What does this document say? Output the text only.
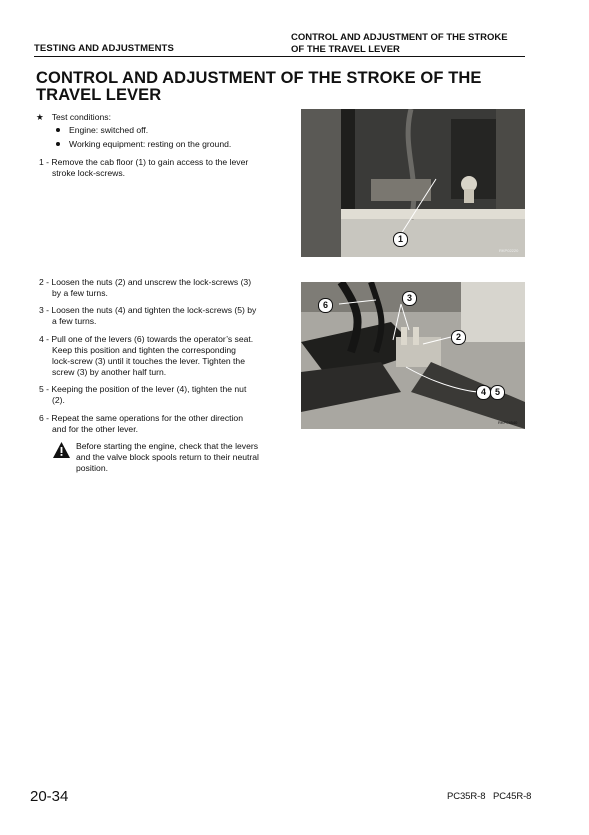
TESTING AND ADJUSTMENTS
CONTROL AND ADJUSTMENT OF THE STROKE
OF THE TRAVEL LEVER
CONTROL AND ADJUSTMENT OF THE STROKE OF THE
TRAVEL LEVER
★ Test conditions:
Engine: switched off.
Working equipment: resting on the ground.
1 - Remove the cab floor (1) to gain access to the lever
stroke lock-screws.
1
RKP02220
2 - Loosen the nuts (2) and unscrew the lock-screws (3)
by a few turns.
3 - Loosen the nuts (4) and tighten the lock-screws (5) by
a few turns.
4 - Pull one of the levers (6) towards the operator’s seat.
Keep this position and tighten the corresponding
lock-screw (3) until it touches the lever. Tighten the
screw (3) by another half turn.
5 - Keeping the position of the lever (4), tighten the nut
(2).
6 - Repeat the same operations for the other direction
and for the other lever.
Before starting the engine, check that the levers
and the valve block spools return to their neutral
position.
6
3
2
4 5
RKP04540
20-34	PC35R-8   PC45R-8
